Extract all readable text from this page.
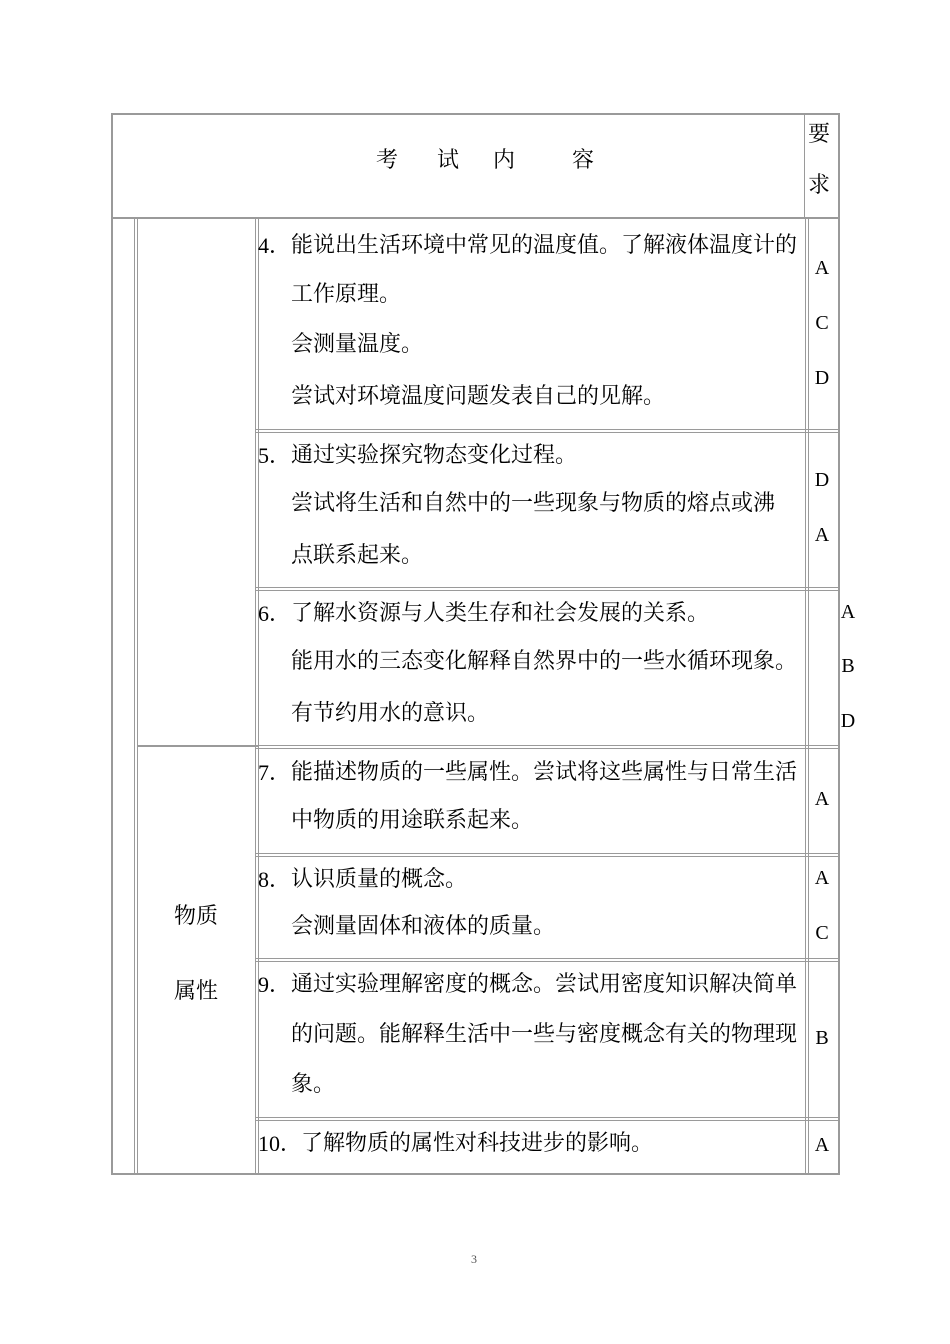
考 试 内	容
要
求
物质
属性
4． 能说出生活环境中常见的温度值。了解液体温度计的
工作原理。
会测量温度。
尝试对环境温度问题发表自己的见解。
A
C
D
5． 通过实验探究物态变化过程。
尝试将生活和自然中的一些现象与物质的熔点或沸
点联系起来。
D
A
6． 了解水资源与人类生存和社会发展的关系。
能用水的三态变化解释自然界中的一些水循环现象。
有节约用水的意识。
A
B
D
7． 能描述物质的一些属性。尝试将这些属性与日常生活
中物质的用途联系起来。
A
8． 认识质量的概念。
会测量固体和液体的质量。
A
C
9． 通过实验理解密度的概念。尝试用密度知识解决简单
的问题。能解释生活中一些与密度概念有关的物理现
象。
B
10．
了解物质的属性对科技进步的影响。	A
3
